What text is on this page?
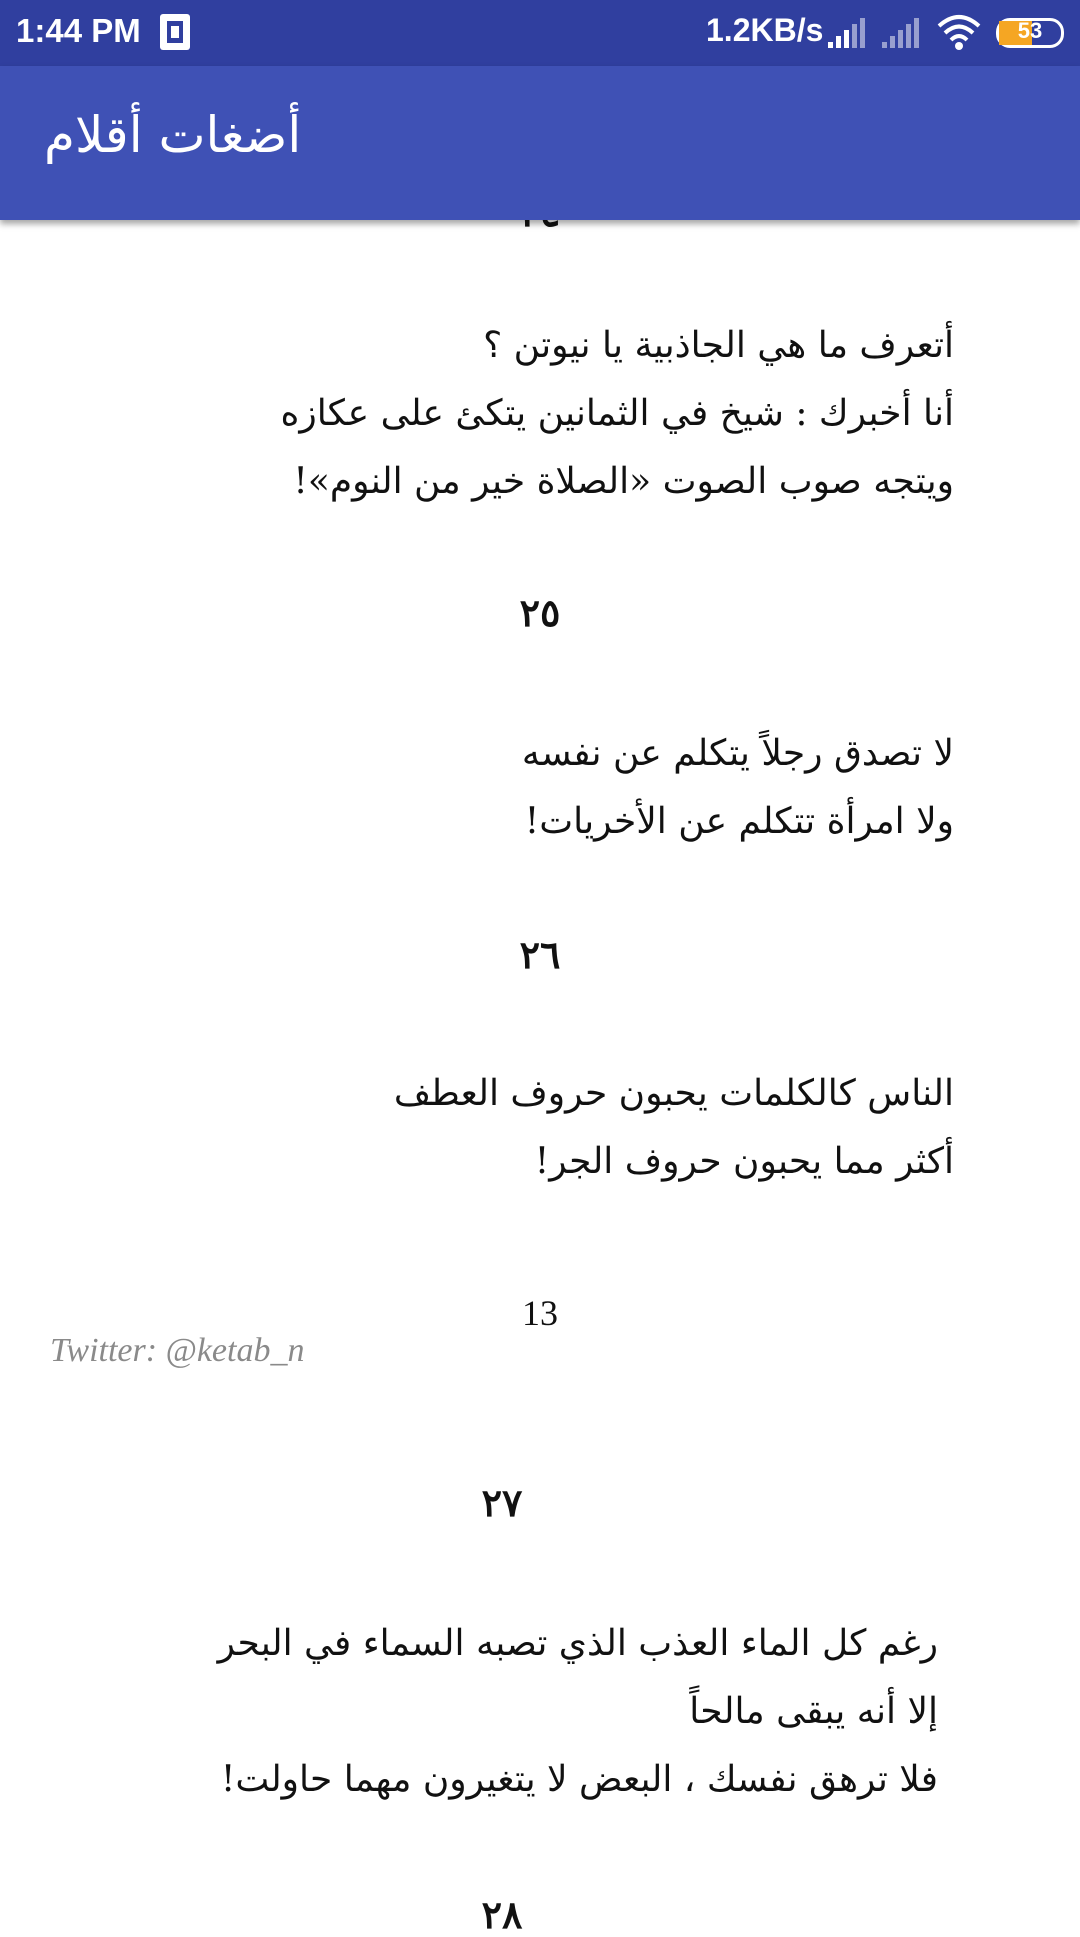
1:44 PM	1.2KB/s	53
أضغات أقلام

أتعرف ما هي الجاذبية يا نيوتن ؟
أنا أخبرك : شيخ في الثمانين يتكئ على عكازه
ويتجه صوب الصوت «الصلاة خير من النوم»!

٢٥

لا تصدق رجلاً يتكلم عن نفسه
ولا امرأة تتكلم عن الأخريات!

٢٦

الناس كالكلمات يحبون حروف العطف
أكثر مما يحبون حروف الجر!

13
Twitter: @ketab_n
٢٧

رغم كل الماء العذب الذي تصبه السماء في البحر
إلا أنه يبقى مالحاً
فلا ترهق نفسك ، البعض لا يتغيرون مهما حاولت!

٢٨
